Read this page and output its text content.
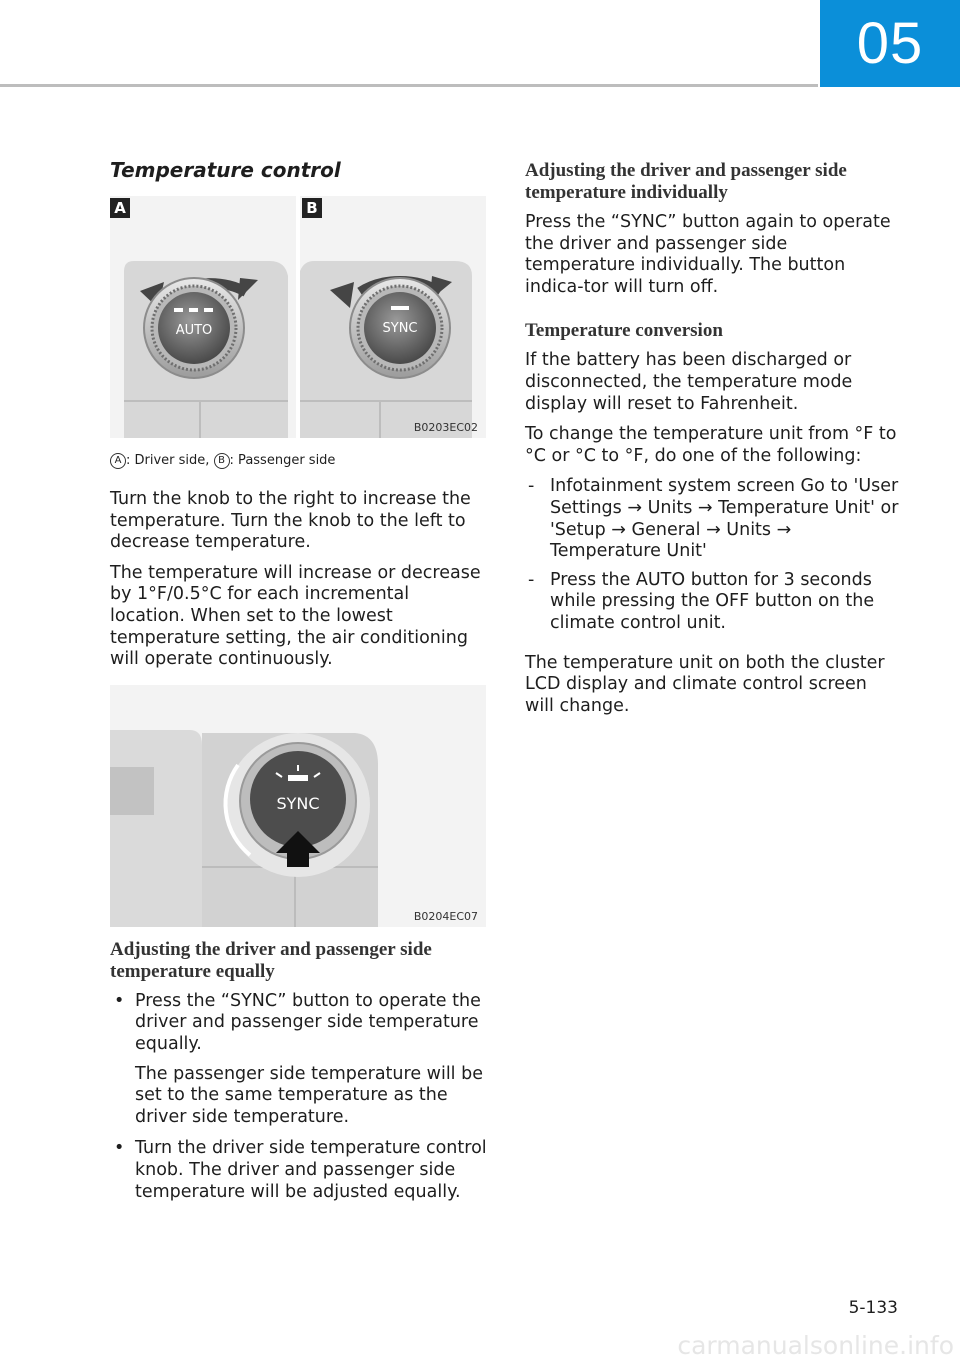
05
Temperature control
AUTO	SYNC
A	B
B0203EC02
A : Driver side, B : Passenger side

Turn the knob to the right to increase the temperature. Turn the knob to the left to decrease temperature.

The temperature will increase or decrease by 1°F/0.5°C for each incremental location. When set to the lowest temperature setting, the air conditioning will operate continuously.

SYNC
B0204EC07
Adjusting the driver and passenger side temperature equally
• Press the “SYNC” button to operate the driver and passenger side temperature equally.

The passenger side temperature will be set to the same temperature as the driver side temperature.

• Turn the driver side temperature control knob. The driver and passenger side temperature will be adjusted equally.

Adjusting the driver and passenger side temperature individually

Press the “SYNC” button again to operate the driver and passenger side temperature individually. The button indica-tor will turn off.

Temperature conversion

If the battery has been discharged or disconnected, the temperature mode display will reset to Fahrenheit.

To change the temperature unit from °F to °C or °C to °F, do one of the following:

- Infotainment system screen Go to 'User Settings → Units → Temperature Unit' or 'Setup → General → Units → Temperature Unit'
- Press the AUTO button for 3 seconds while pressing the OFF button on the climate control unit.

The temperature unit on both the cluster LCD display and climate control screen will change.

5-133
carmanualsonline.info
